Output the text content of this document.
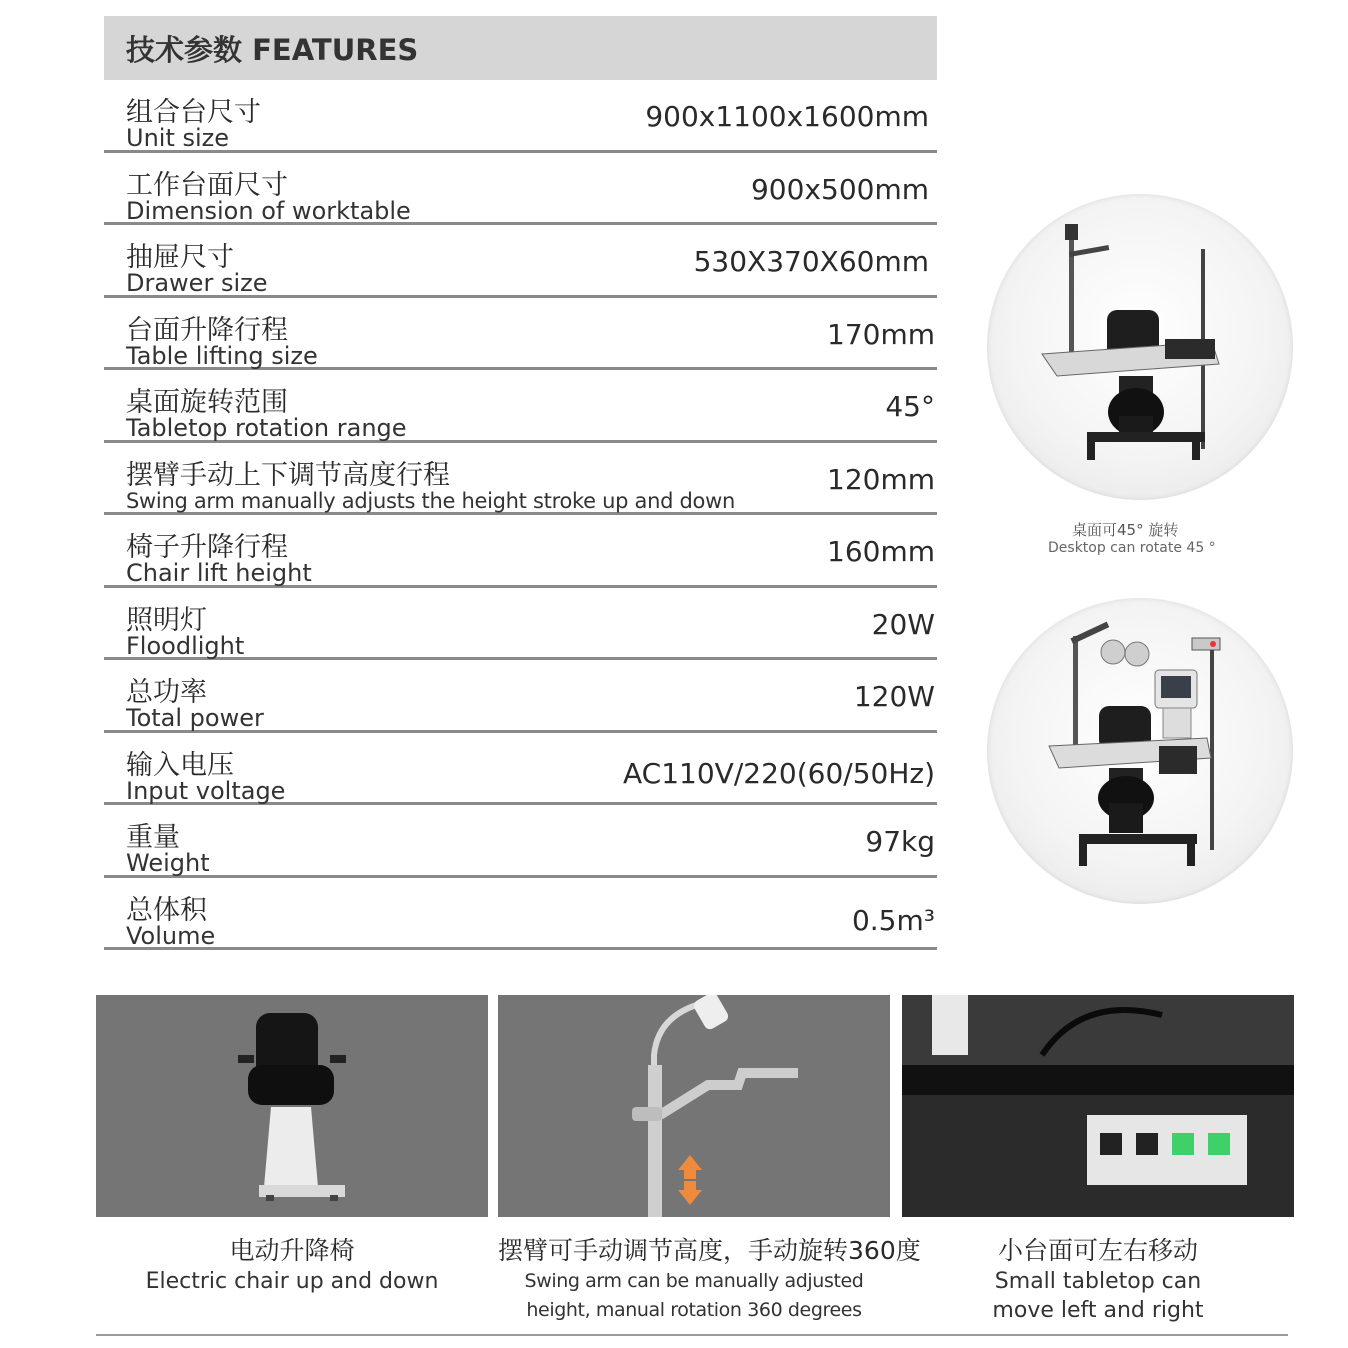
技术参数 FEATURES
组合台尺寸
Unit size
900x1100x1600mm
工作台面尺寸
Dimension of worktable
900x500mm
抽屉尺寸
Drawer size
530X370X60mm
台面升降行程
Table lifting size
170mm
桌面旋转范围
Tabletop rotation range
45°
摆臂手动上下调节高度行程
Swing arm manually adjusts the height stroke up and down
120mm
椅子升降行程
Chair lift height
160mm
照明灯
Floodlight
20W
总功率
Total power
120W
输入电压
Input voltage
AC110V/220(60/50Hz)
重量
Weight
97kg
总体积
Volume	0.5m³
桌面可45° 旋转
Desktop can rotate 45 °
电动升降椅
Electric chair up and down
摆臂可手动调节高度，手动旋转360度
Swing arm can be manually adjusted height, manual rotation 360 degrees
小台面可左右移动
Small tabletop can move left and right
